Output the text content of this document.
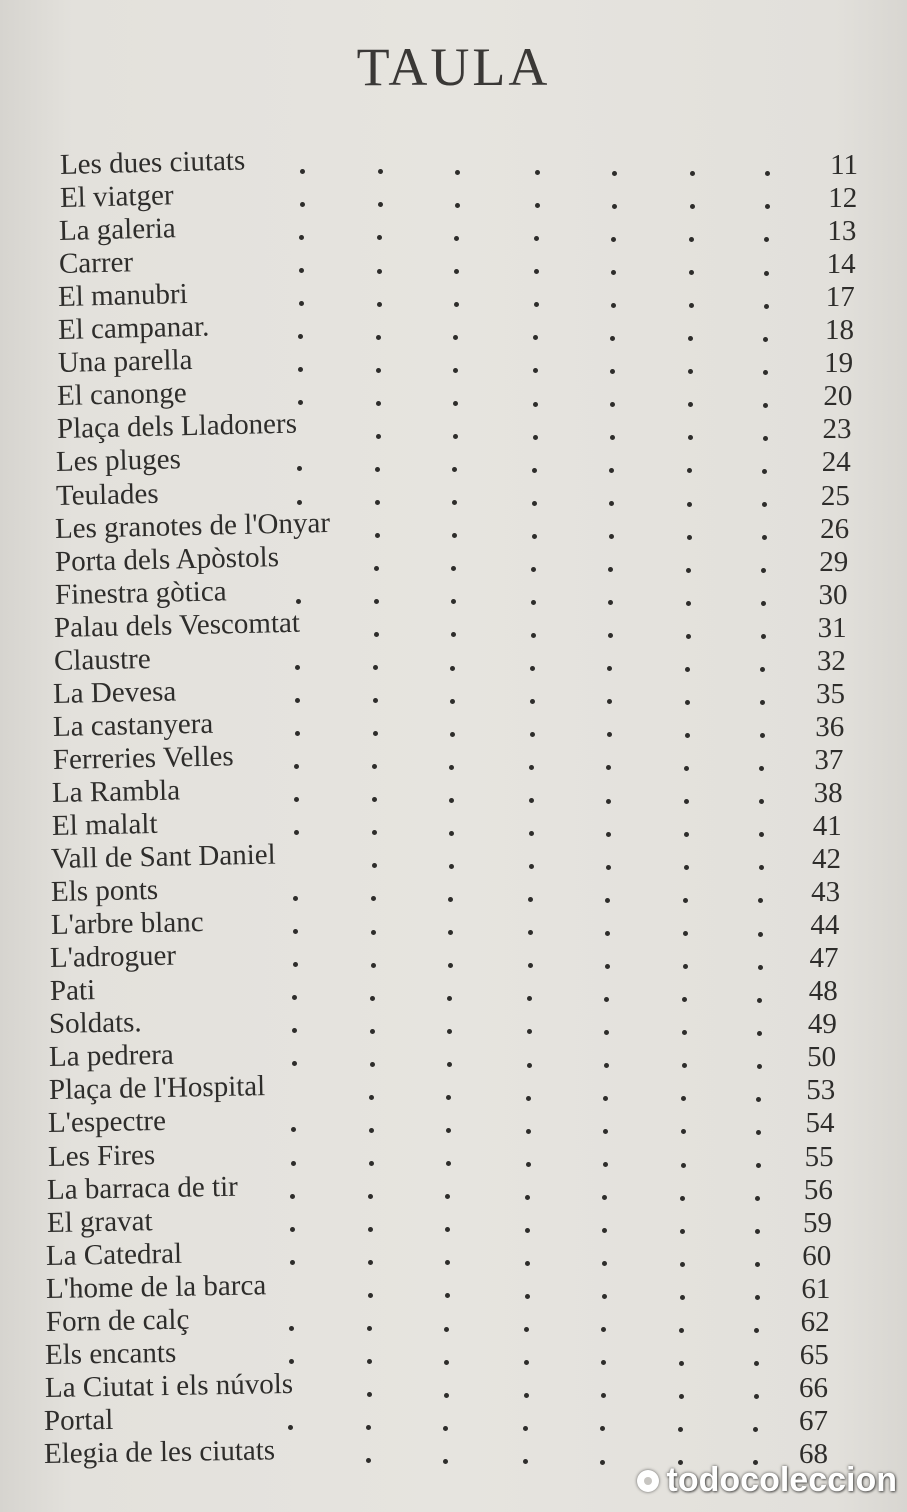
TAULA
Les dues ciutats	11
El viatger	12
La galeria	13
Carrer	14
El manubri	17
El campanar.	18
Una parella	19
El canonge	20
Plaça dels Lladoners	23
Les pluges	24
Teulades	25
Les granotes de l'Onyar	26
Porta dels Apòstols	29
Finestra gòtica	30
Palau dels Vescomtat	31
Claustre	32
La Devesa	35
La castanyera	36
Ferreries Velles	37
La Rambla	38
El malalt	41
Vall de Sant Daniel	42
Els ponts	43
L'arbre blanc	44
L'adroguer	47
Pati	48
Soldats.	49
La pedrera	50
Plaça de l'Hospital	53
L'espectre	54
Les Fires	55
La barraca de tir	56
El gravat	59
La Catedral	60
L'home de la barca	61
Forn de calç	62
Els encants	65
La Ciutat i els núvols	66
Portal	67
Elegia de les ciutats	68
todocoleccion
